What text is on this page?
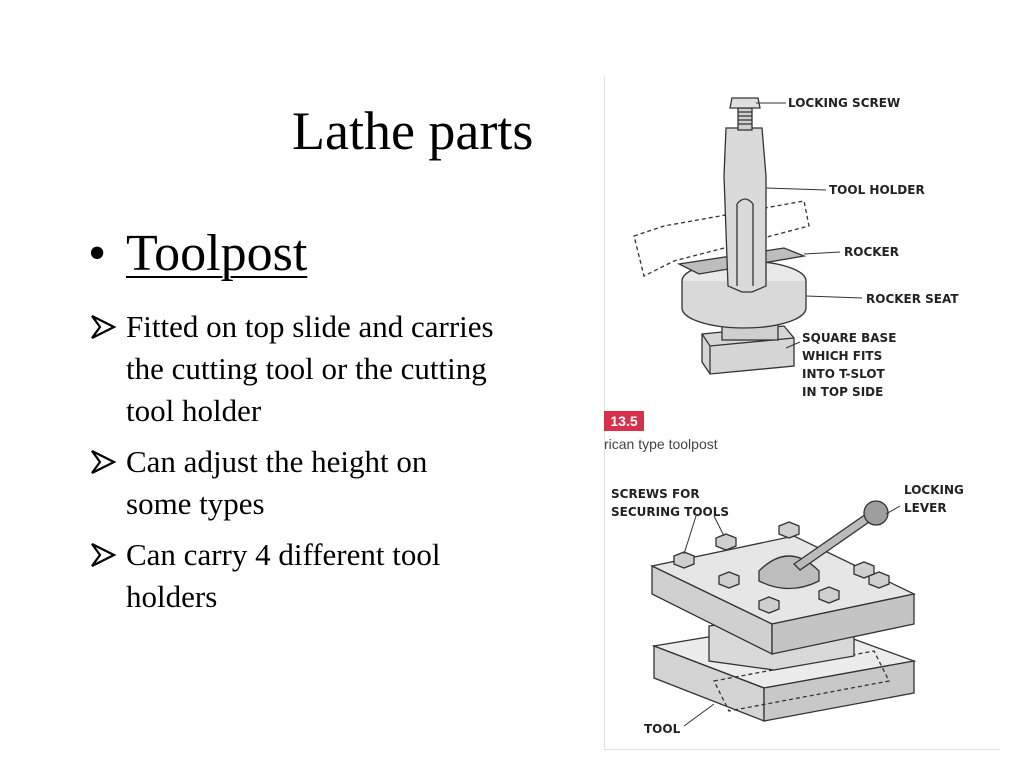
Lathe parts
• Toolpost
Fitted on top slide and carries the cutting tool or the cutting tool holder
Can adjust the height on some types
Can carry 4 different tool holders
LOCKING SCREW
TOOL HOLDER
ROCKER
ROCKER SEAT
SQUARE BASE
WHICH FITS
INTO T-SLOT
IN TOP SIDE
SCREWS FOR
SECURING TOOLS
LOCKING
LEVER
TOOL
13.5
rican type toolpost
